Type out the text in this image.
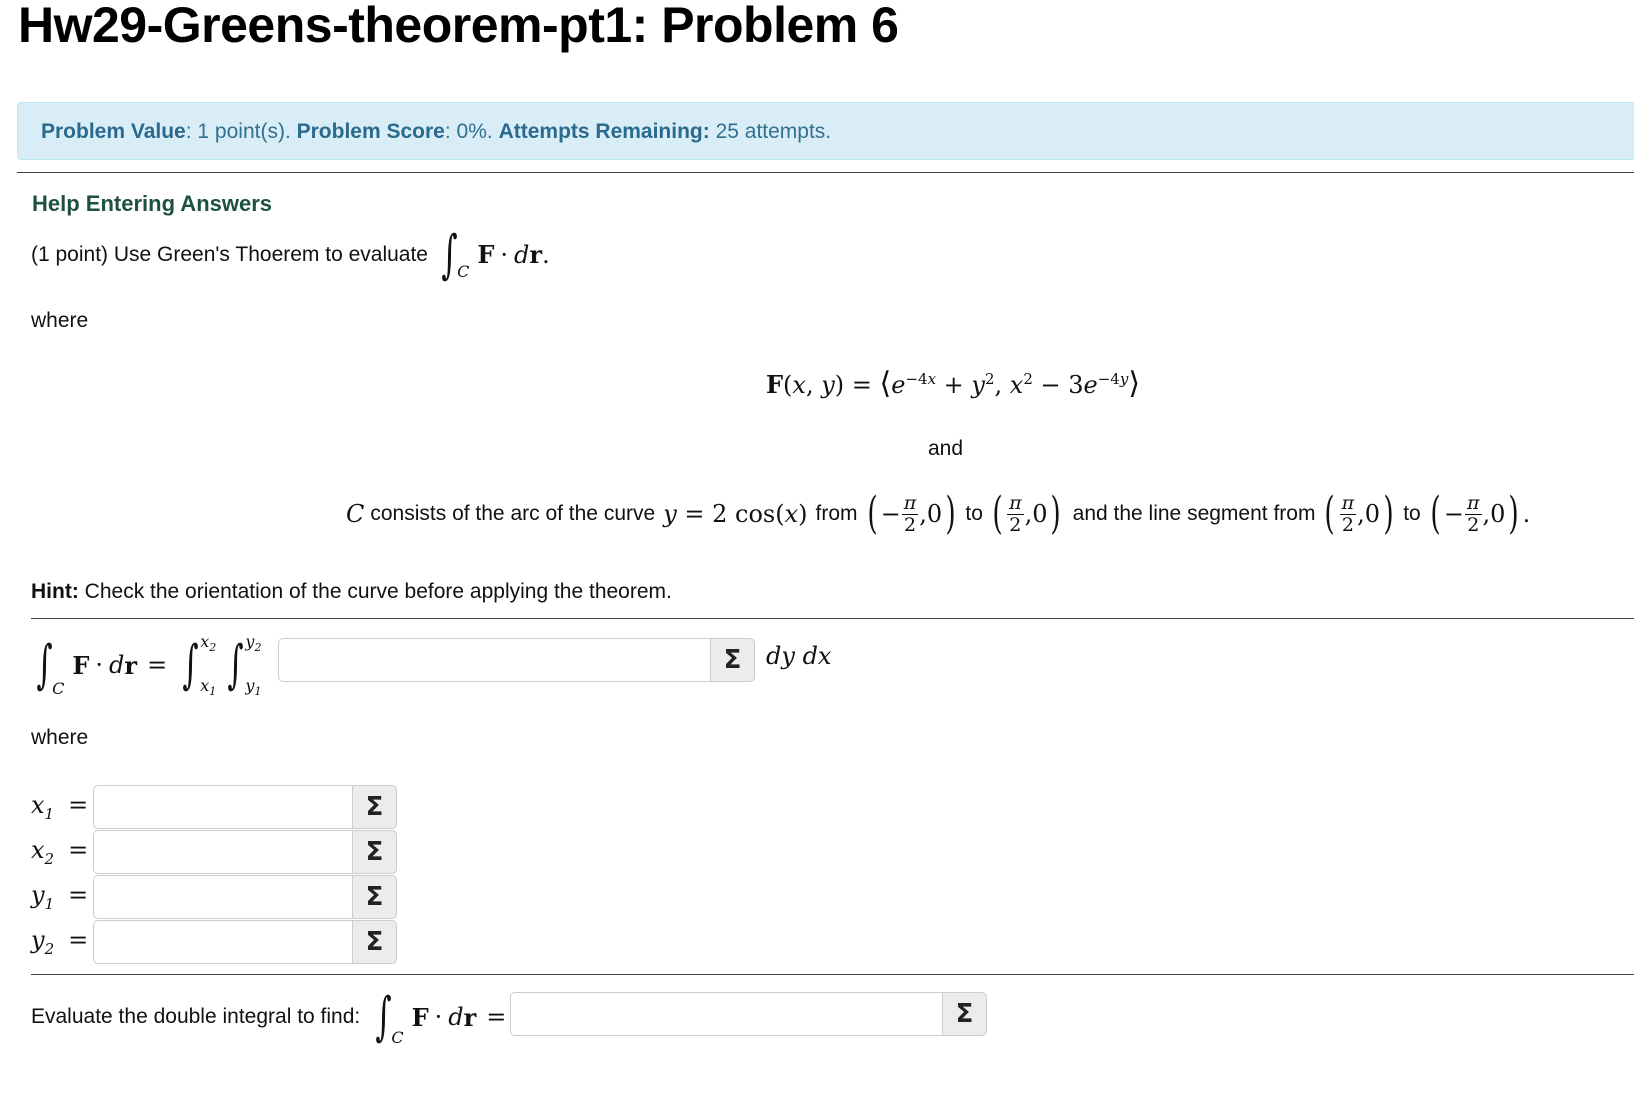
Hw29-Greens-theorem-pt1: Problem 6
Problem Value: 1 point(s). Problem Score: 0%. Attempts Remaining: 25 attempts.
Help Entering Answers
(1 point) Use Green's Thoerem to evaluate ∫ C
F · d r .
where
F(x, $y) = ⟨e^{-4x} + y^2$, $x^2$ − $3e^{-4y}⟩$
and
C consists of the arc of the curve y = 2 cos(x) from ( − $\frac{\pi}{2} ,0$ ) to ( $\frac{\pi}{2} ,0$ ) and the line segment from ( $\frac{\pi}{2} ,0$ ) to ( − $\frac{\pi}{2} ,0$ ) .
Hint: Check the orientation of the curve before applying the theorem.
∫ C
F · d r = ∫ $x_2$
$x_1$ ∫ $y_2$
$y_1$
Σ	dy dx
where
$x_1$ =	Σ
$x_2$ =	Σ
$y_1$ =	Σ
$y_2$ =	Σ
Evaluate the double integral to find: ∫ C
F · d r =	Σ
